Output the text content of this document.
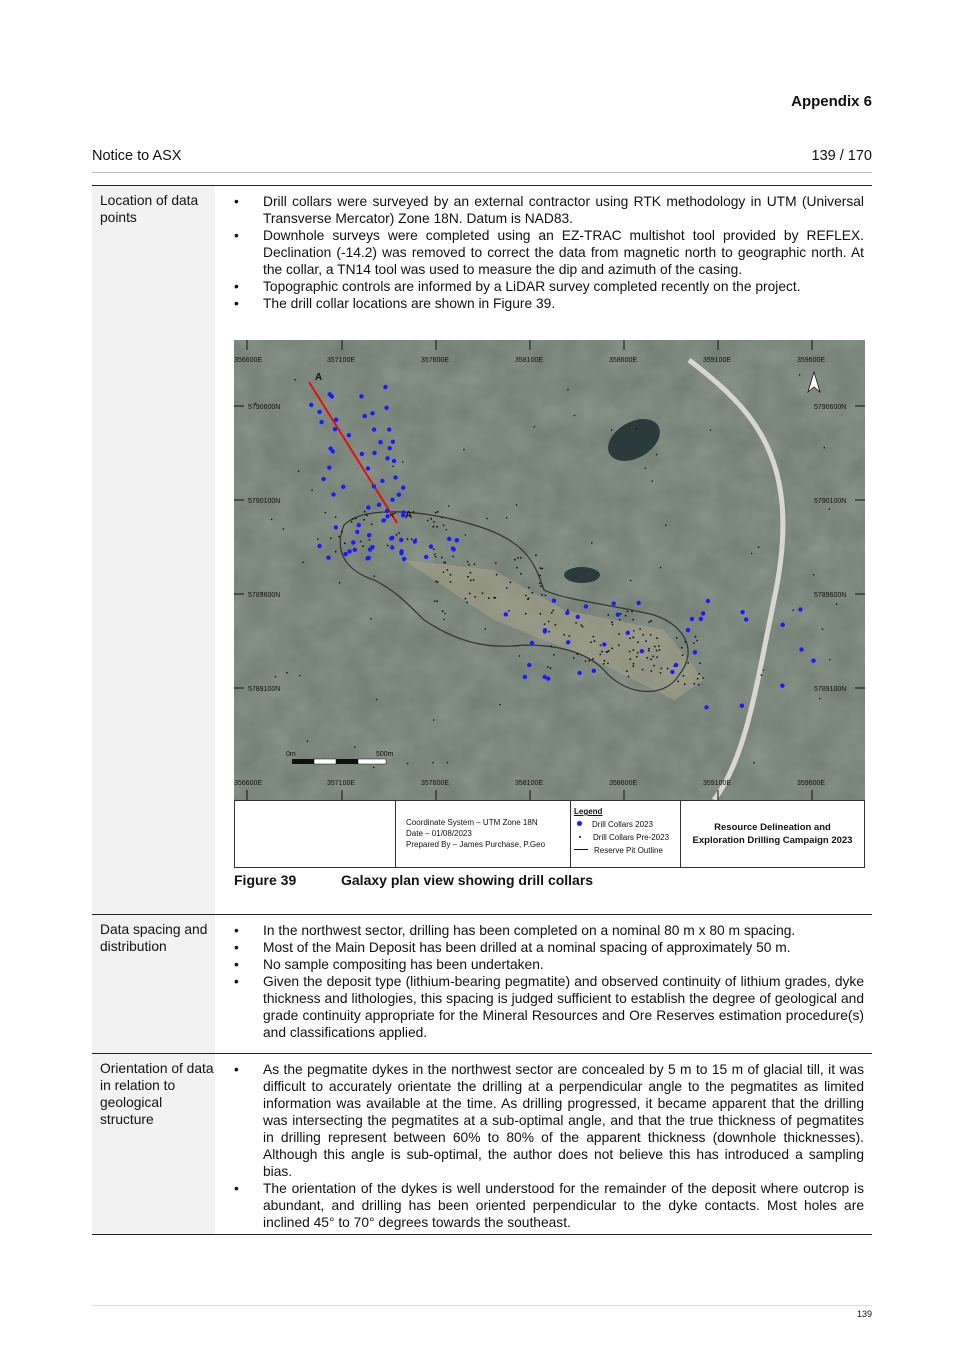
Appendix 6
Notice to ASX	139 / 170
Location of data points
• Drill collars were surveyed by an external contractor using RTK methodology in UTM (Universal Transverse Mercator) Zone 18N. Datum is NAD83.
• Downhole surveys were completed using an EZ-TRAC multishot tool provided by REFLEX. Declination (-14.2) was removed to correct the data from magnetic north to geographic north. At the collar, a TN14 tool was used to measure the dip and azimuth of the casing.
• Topographic controls are informed by a LiDAR survey completed recently on the project.
• The drill collar locations are shown in Figure 39.
356600E	357100E	357600E	358100E	358600E	359100E	359600E
356600E	357100E	357600E	358100E	358600E	359100E	359600E
5790600N
5790100N
5789600N
5789100N
5790600N
5790100N
5789600N
5789100N
A
A'
0m	500m
Coordinate System – UTM Zone 18N
Date – 01/08/2023
Prepared By – James Purchase, P.Geo
Legend
Drill Collars 2023
Drill Collars Pre-2023
Reserve Pit Outline
Resource Delineation and
Exploration Drilling Campaign 2023
Figure 39	Galaxy plan view showing drill collars
Data spacing and distribution
• In the northwest sector, drilling has been completed on a nominal 80 m x 80 m spacing.
• Most of the Main Deposit has been drilled at a nominal spacing of approximately 50 m.
• No sample compositing has been undertaken.
• Given the deposit type (lithium-bearing pegmatite) and observed continuity of lithium grades, dyke thickness and lithologies, this spacing is judged sufficient to establish the degree of geological and grade continuity appropriate for the Mineral Resources and Ore Reserves estimation procedure(s) and classifications applied.
Orientation of data in relation to geological structure
• As the pegmatite dykes in the northwest sector are concealed by 5 m to 15 m of glacial till, it was difficult to accurately orientate the drilling at a perpendicular angle to the pegmatites as limited information was available at the time. As drilling progressed, it became apparent that the drilling was intersecting the pegmatites at a sub-optimal angle, and that the true thickness of pegmatites in drilling represent between 60% to 80% of the apparent thickness (downhole thicknesses). Although this angle is sub-optimal, the author does not believe this has introduced a sampling bias.
• The orientation of the dykes is well understood for the remainder of the deposit where outcrop is abundant, and drilling has been oriented perpendicular to the dyke contacts. Most holes are inclined 45° to 70° degrees towards the southeast.
139
